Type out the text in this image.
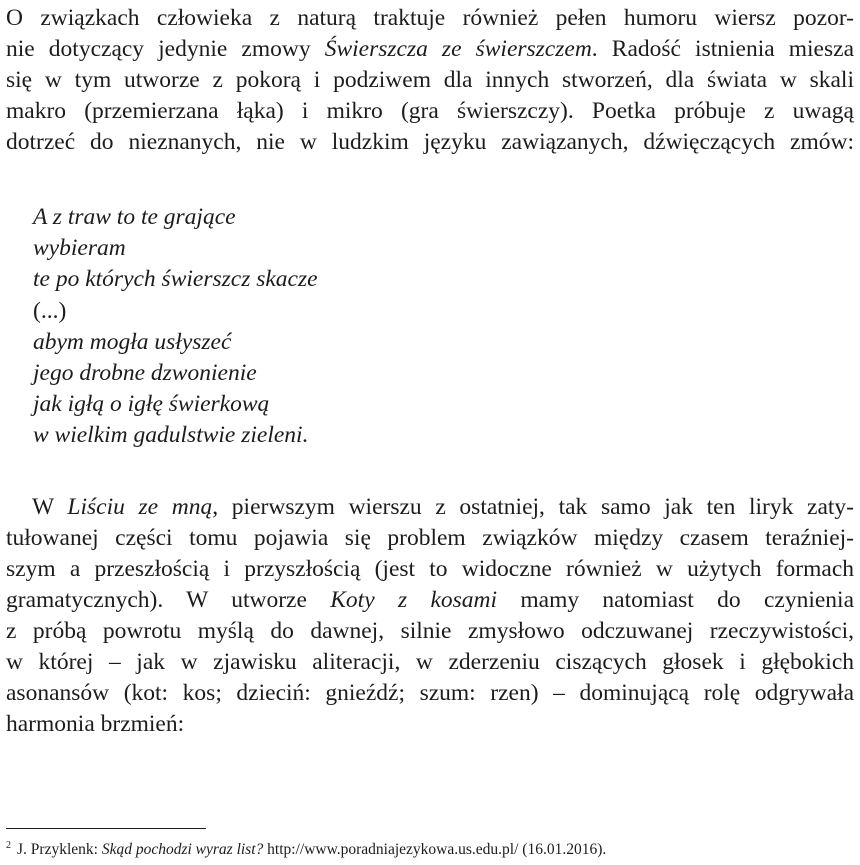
O związkach człowieka z naturą traktuje również pełen humoru wiersz pozor-
nie dotyczący jedynie zmowy Świerszcza ze świerszczem. Radość istnienia miesza
się w tym utworze z pokorą i podziwem dla innych stworzeń, dla świata w skali
makro (przemierzana łąka) i mikro (gra świerszczy). Poetka próbuje z uwagą
dotrzeć do nieznanych, nie w ludzkim języku zawiązanych, dźwięczących zmów:
A z traw to te grające
wybieram
te po których świerszcz skacze
(...)
abym mogła usłyszeć
jego drobne dzwonienie
jak igłą o igłę świerkową
w wielkim gadulstwie zieleni.
W Liściu ze mną, pierwszym wierszu z ostatniej, tak samo jak ten liryk zaty-
tułowanej części tomu pojawia się problem związków między czasem teraźniej-
szym a przeszłością i przyszłością (jest to widoczne również w użytych formach
gramatycznych). W utworze Koty z kosami mamy natomiast do czynienia
z próbą powrotu myślą do dawnej, silnie zmysłowo odczuwanej rzeczywistości,
w której – jak w zjawisku aliteracji, w zderzeniu ciszących głosek i głębokich
asonansów (kot: kos; dzieciń: gnieźdź; szum: rzen) – dominującą rolę odgrywała
harmonia brzmień:
$^2$ J. Przyklenk: Skąd pochodzi wyraz list? http://www.poradniajezykowa.us.edu.pl/ (16.01.2016).
